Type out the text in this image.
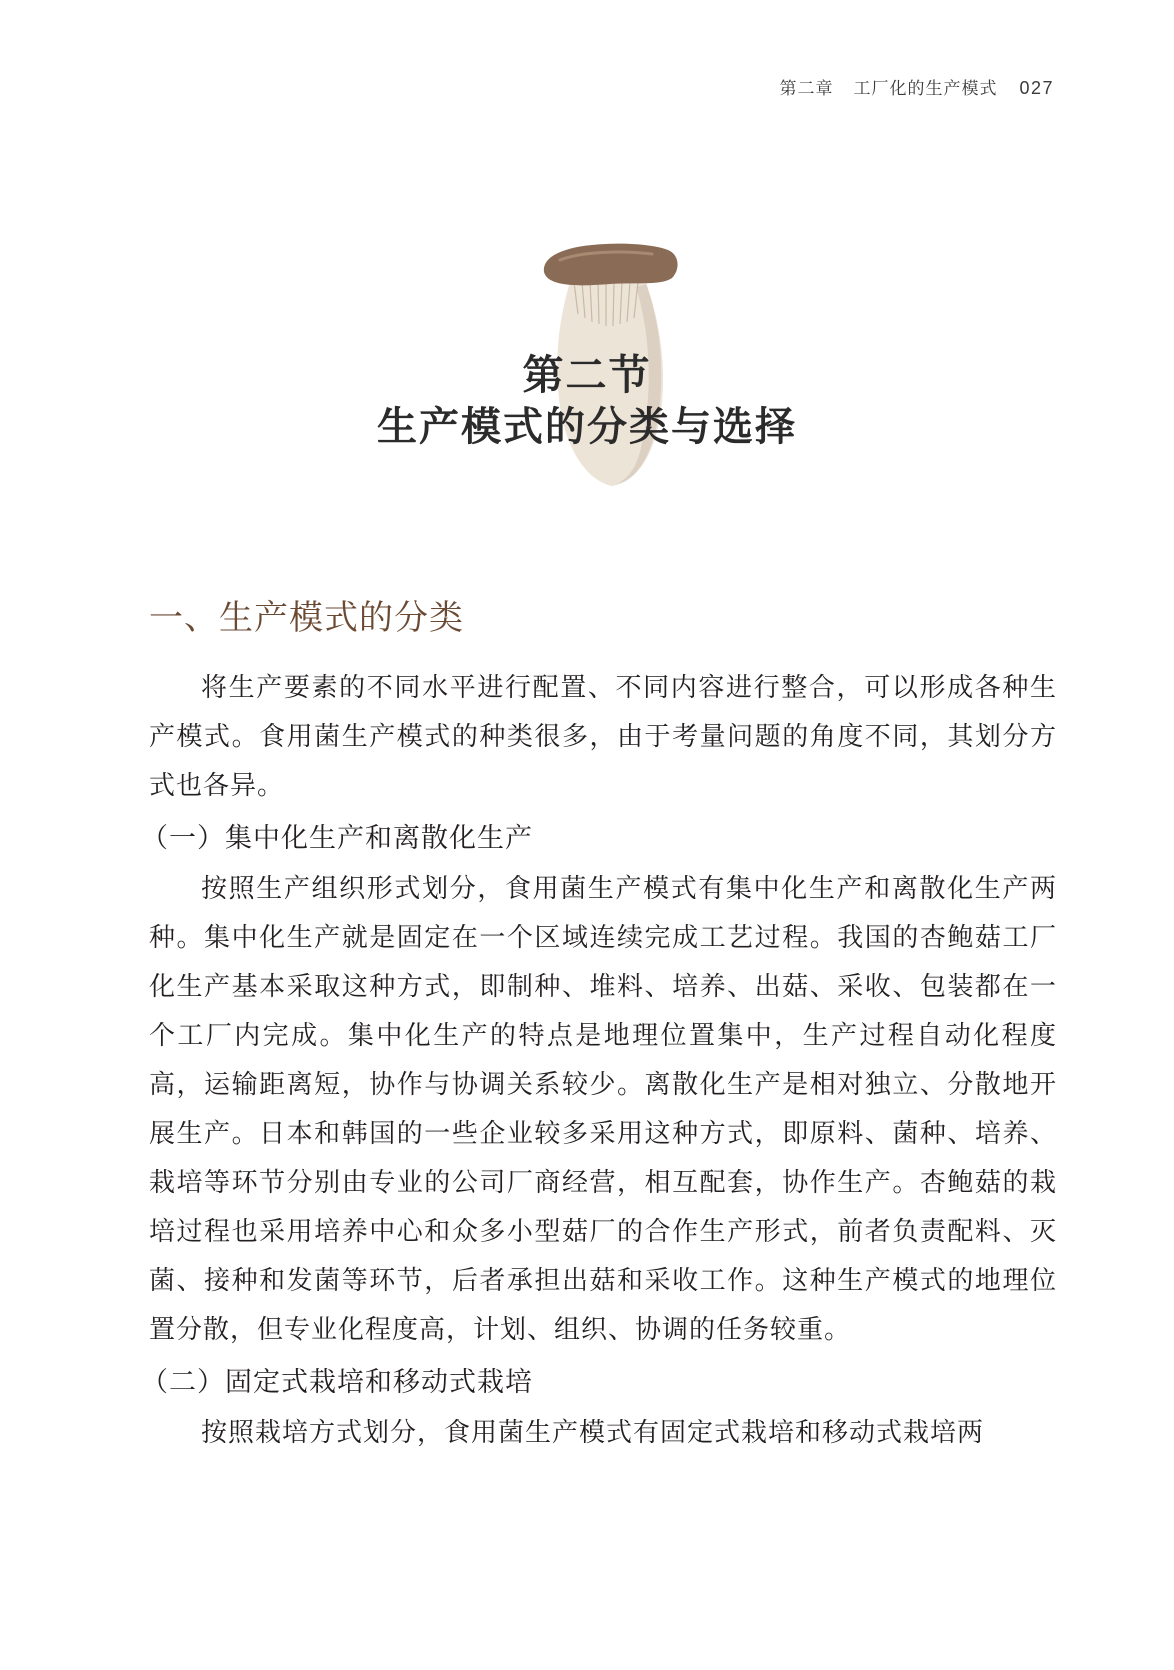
第二章 工厂化的生产模式 027
第二节
生产模式的分类与选择
一、生产模式的分类

将生产要素的不同水平进行配置、不同内容进行整合，可以形成各种生产模式。食用菌生产模式的种类很多，由于考量问题的角度不同，其划分方式也各异。

（一）集中化生产和离散化生产

按照生产组织形式划分，食用菌生产模式有集中化生产和离散化生产两种。集中化生产就是固定在一个区域连续完成工艺过程。我国的杏鲍菇工厂化生产基本采取这种方式，即制种、堆料、培养、出菇、采收、包装都在一个工厂内完成。集中化生产的特点是地理位置集中，生产过程自动化程度高，运输距离短，协作与协调关系较少。离散化生产是相对独立、分散地开展生产。日本和韩国的一些企业较多采用这种方式，即原料、菌种、培养、栽培等环节分别由专业的公司厂商经营，相互配套，协作生产。杏鲍菇的栽培过程也采用培养中心和众多小型菇厂的合作生产形式，前者负责配料、灭菌、接种和发菌等环节，后者承担出菇和采收工作。这种生产模式的地理位置分散，但专业化程度高，计划、组织、协调的任务较重。

（二）固定式栽培和移动式栽培

按照栽培方式划分，食用菌生产模式有固定式栽培和移动式栽培两
